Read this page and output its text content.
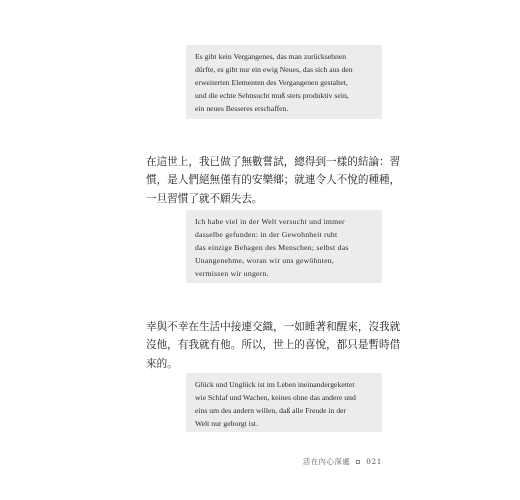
Es gibt kein Vergangenes, das man zurücksehnen
dürfte, es gibt nur ein ewig Neues, das sich aus den
erweiterten Elementen des Vergangenen gestaltet,
und die echte Sehnsucht muß stets produktiv sein,
ein neues Besseres erschaffen.
在這世上，我已做了無數嘗試，總得到一樣的結論：習
慣，是人們絕無僅有的安樂鄉；就連令人不悅的種種，
一旦習慣了就不願失去。
Ich habe viel in der Welt versucht und immer
dasselbe gefunden: in der Gewohnheit ruht
das einzige Behagen des Menschen; selbst das
Unangenehme, woran wir uns gewöhnten,
vermissen wir ungern.
幸與不幸在生活中接連交織，一如睡著和醒來，沒我就
沒他，有我就有他。所以，世上的喜悅，都只是暫時借
來的。
Glück und Unglück ist im Leben ineinandergekettet
wie Schlaf und Wachen, keines ohne das andere und
eins um des andern willen, daß alle Freude in der
Welt nur geborgt ist.
活在內心深處 021
